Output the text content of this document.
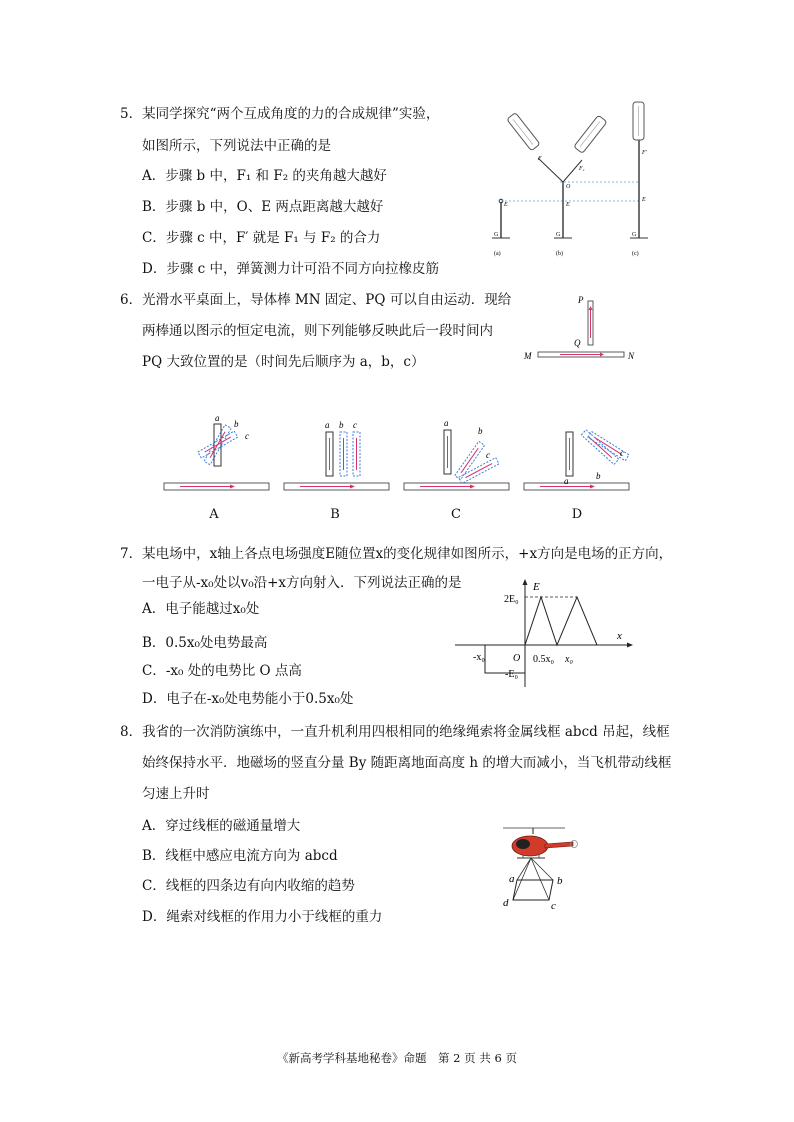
5．某同学探究“两个互成角度的力的合成规律”实验，
如图所示，下列说法中正确的是
A．步骤 b 中，F₁ 和 F₂ 的夹角越大越好
B．步骤 b 中，O、E 两点距离越大越好
C．步骤 c 中，F′ 就是 F₁ 与 F₂ 的合力
D．步骤 c 中，弹簧测力计可沿不同方向拉橡皮筋
E
G
(a)
F
F₁
O
E
G
(b)
F′
E
G
(c)
6．光滑水平桌面上，导体棒 MN 固定、PQ 可以自由运动．现给
两棒通以图示的恒定电流，则下列能够反映此后一段时间内
PQ 大致位置的是（时间先后顺序为 a，b，c）
P
Q
M	N
a
b
c
a b c	a
b
c
a	b
c
A	B	C	D
7．某电场中，x轴上各点电场强度E随位置x的变化规律如图所示，+x方向是电场的正方向，
一电子从-x₀处以v₀沿+x方向射入．下列说法正确的是
A．电子能越过x₀处
B．0.5x₀处电势最高
C．-x₀ 处的电势比 O 点高
D．电子在-x₀处电势能小于0.5x₀处
E
x
2E₀
O
-x₀	0.5x₀ x₀
-E₀
8．我省的一次消防演练中，一直升机利用四根相同的绝缘绳索将金属线框 abcd 吊起，线框
始终保持水平．地磁场的竖直分量 By 随距离地面高度 h 的增大而减小，当飞机带动线框
匀速上升时
A．穿过线框的磁通量增大
B．线框中感应电流方向为 abcd
C．线框的四条边有向内收缩的趋势
D．绳索对线框的作用力小于线框的重力
a	b
c
d
《新高考学科基地秘卷》命题　第 2 页 共 6 页
